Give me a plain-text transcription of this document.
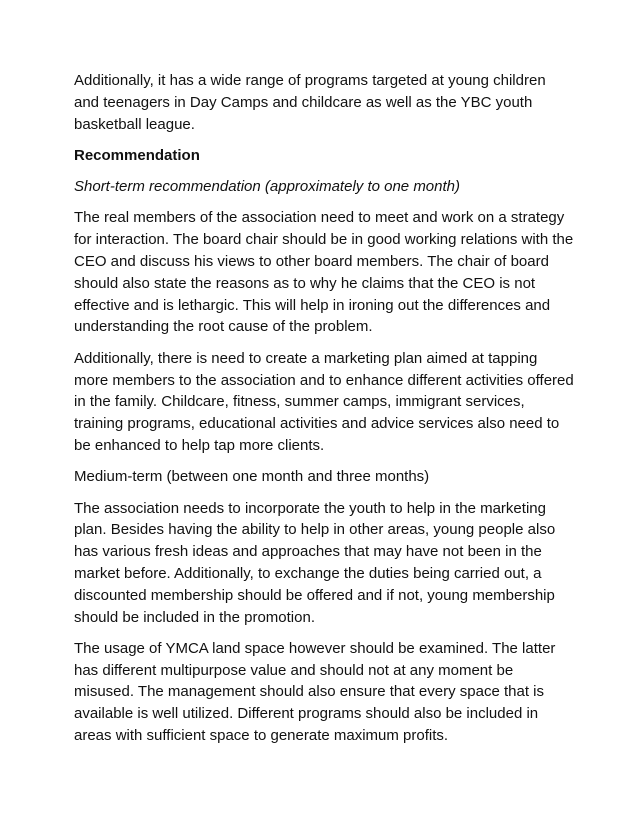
Additionally, it has a wide range of programs targeted at young children and teenagers in Day Camps and childcare as well as the YBC youth basketball league.

Recommendation

Short-term recommendation (approximately to one month)

The real members of the association need to meet and work on a strategy for interaction. The board chair should be in good working relations with the CEO and discuss his views to other board members. The chair of board should also state the reasons as to why he claims that the CEO is not effective and is lethargic. This will help in ironing out the differences and understanding the root cause of the problem.

Additionally, there is need to create a marketing plan aimed at tapping more members to the association and to enhance different activities offered in the family. Childcare, fitness, summer camps, immigrant services, training programs, educational activities and advice services also need to be enhanced to help tap more clients.

Medium-term (between one month and three months)

The association needs to incorporate the youth to help in the marketing plan. Besides having the ability to help in other areas, young people also has various fresh ideas and approaches that may have not been in the market before. Additionally, to exchange the duties being carried out, a discounted membership should be offered and if not, young membership should be included in the promotion.

The usage of YMCA land space however should be examined. The latter has different multipurpose value and should not at any moment be misused. The management should also ensure that every space that is available is well utilized. Different programs should also be included in areas with sufficient space to generate maximum profits.
